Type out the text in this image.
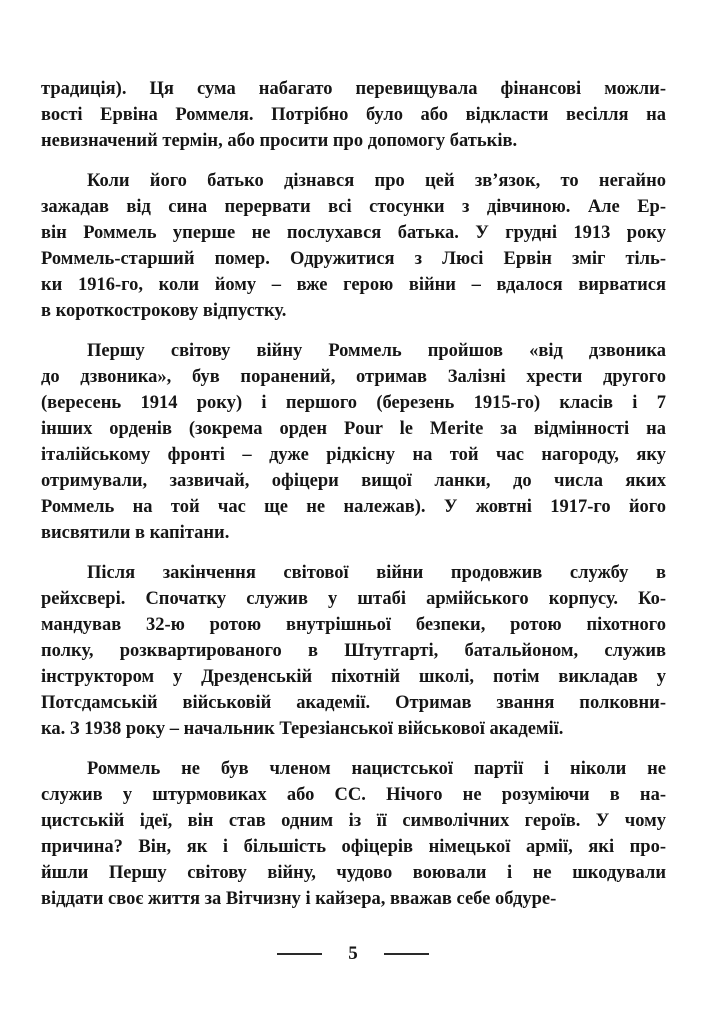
традиція). Ця сума набагато перевищувала фінансові можли-
вості Ервіна Роммеля. Потрібно було або відкласти весілля на
невизначений термін, або просити про допомогу батьків.
Коли його батько дізнався про цей зв’язок, то негайно
зажадав від сина перервати всі стосунки з дівчиною. Але Ер-
він Роммель уперше не послухався батька. У грудні 1913 року
Роммель-старший помер. Одружитися з Люсі Ервін зміг тіль-
ки 1916-го, коли йому – вже герою війни – вдалося вирватися
в короткострокову відпустку.
Першу світову війну Роммель пройшов «від дзвоника
до дзвоника», був поранений, отримав Залізні хрести другого
(вересень 1914 року) і першого (березень 1915-го) класів і 7
інших орденів (зокрема орден Pour le Merite за відмінності на
італійському фронті – дуже рідкісну на той час нагороду, яку
отримували, зазвичай, офіцери вищої ланки, до числа яких
Роммель на той час ще не належав). У жовтні 1917-го його
висвятили в капітани.
Після закінчення світової війни продовжив службу в
рейхсвері. Спочатку служив у штабі армійського корпусу. Ко-
мандував 32-ю ротою внутрішньої безпеки, ротою піхотного
полку, розквартированого в Штутгарті, батальйоном, служив
інструктором у Дрезденській піхотній школі, потім викладав у
Потсдамській військовій академії. Отримав звання полковни-
ка. З 1938 року – начальник Терезіанської військової академії.
Роммель не був членом нацистської партії і ніколи не
служив у штурмовиках або СС. Нічого не розуміючи в на-
цистській ідеї, він став одним із її символічних героїв. У чому
причина? Він, як і більшість офіцерів німецької армії, які про-
йшли Першу світову війну, чудово воювали і не шкодували
віддати своє життя за Вітчизну і кайзера, вважав себе обдуре-
5
